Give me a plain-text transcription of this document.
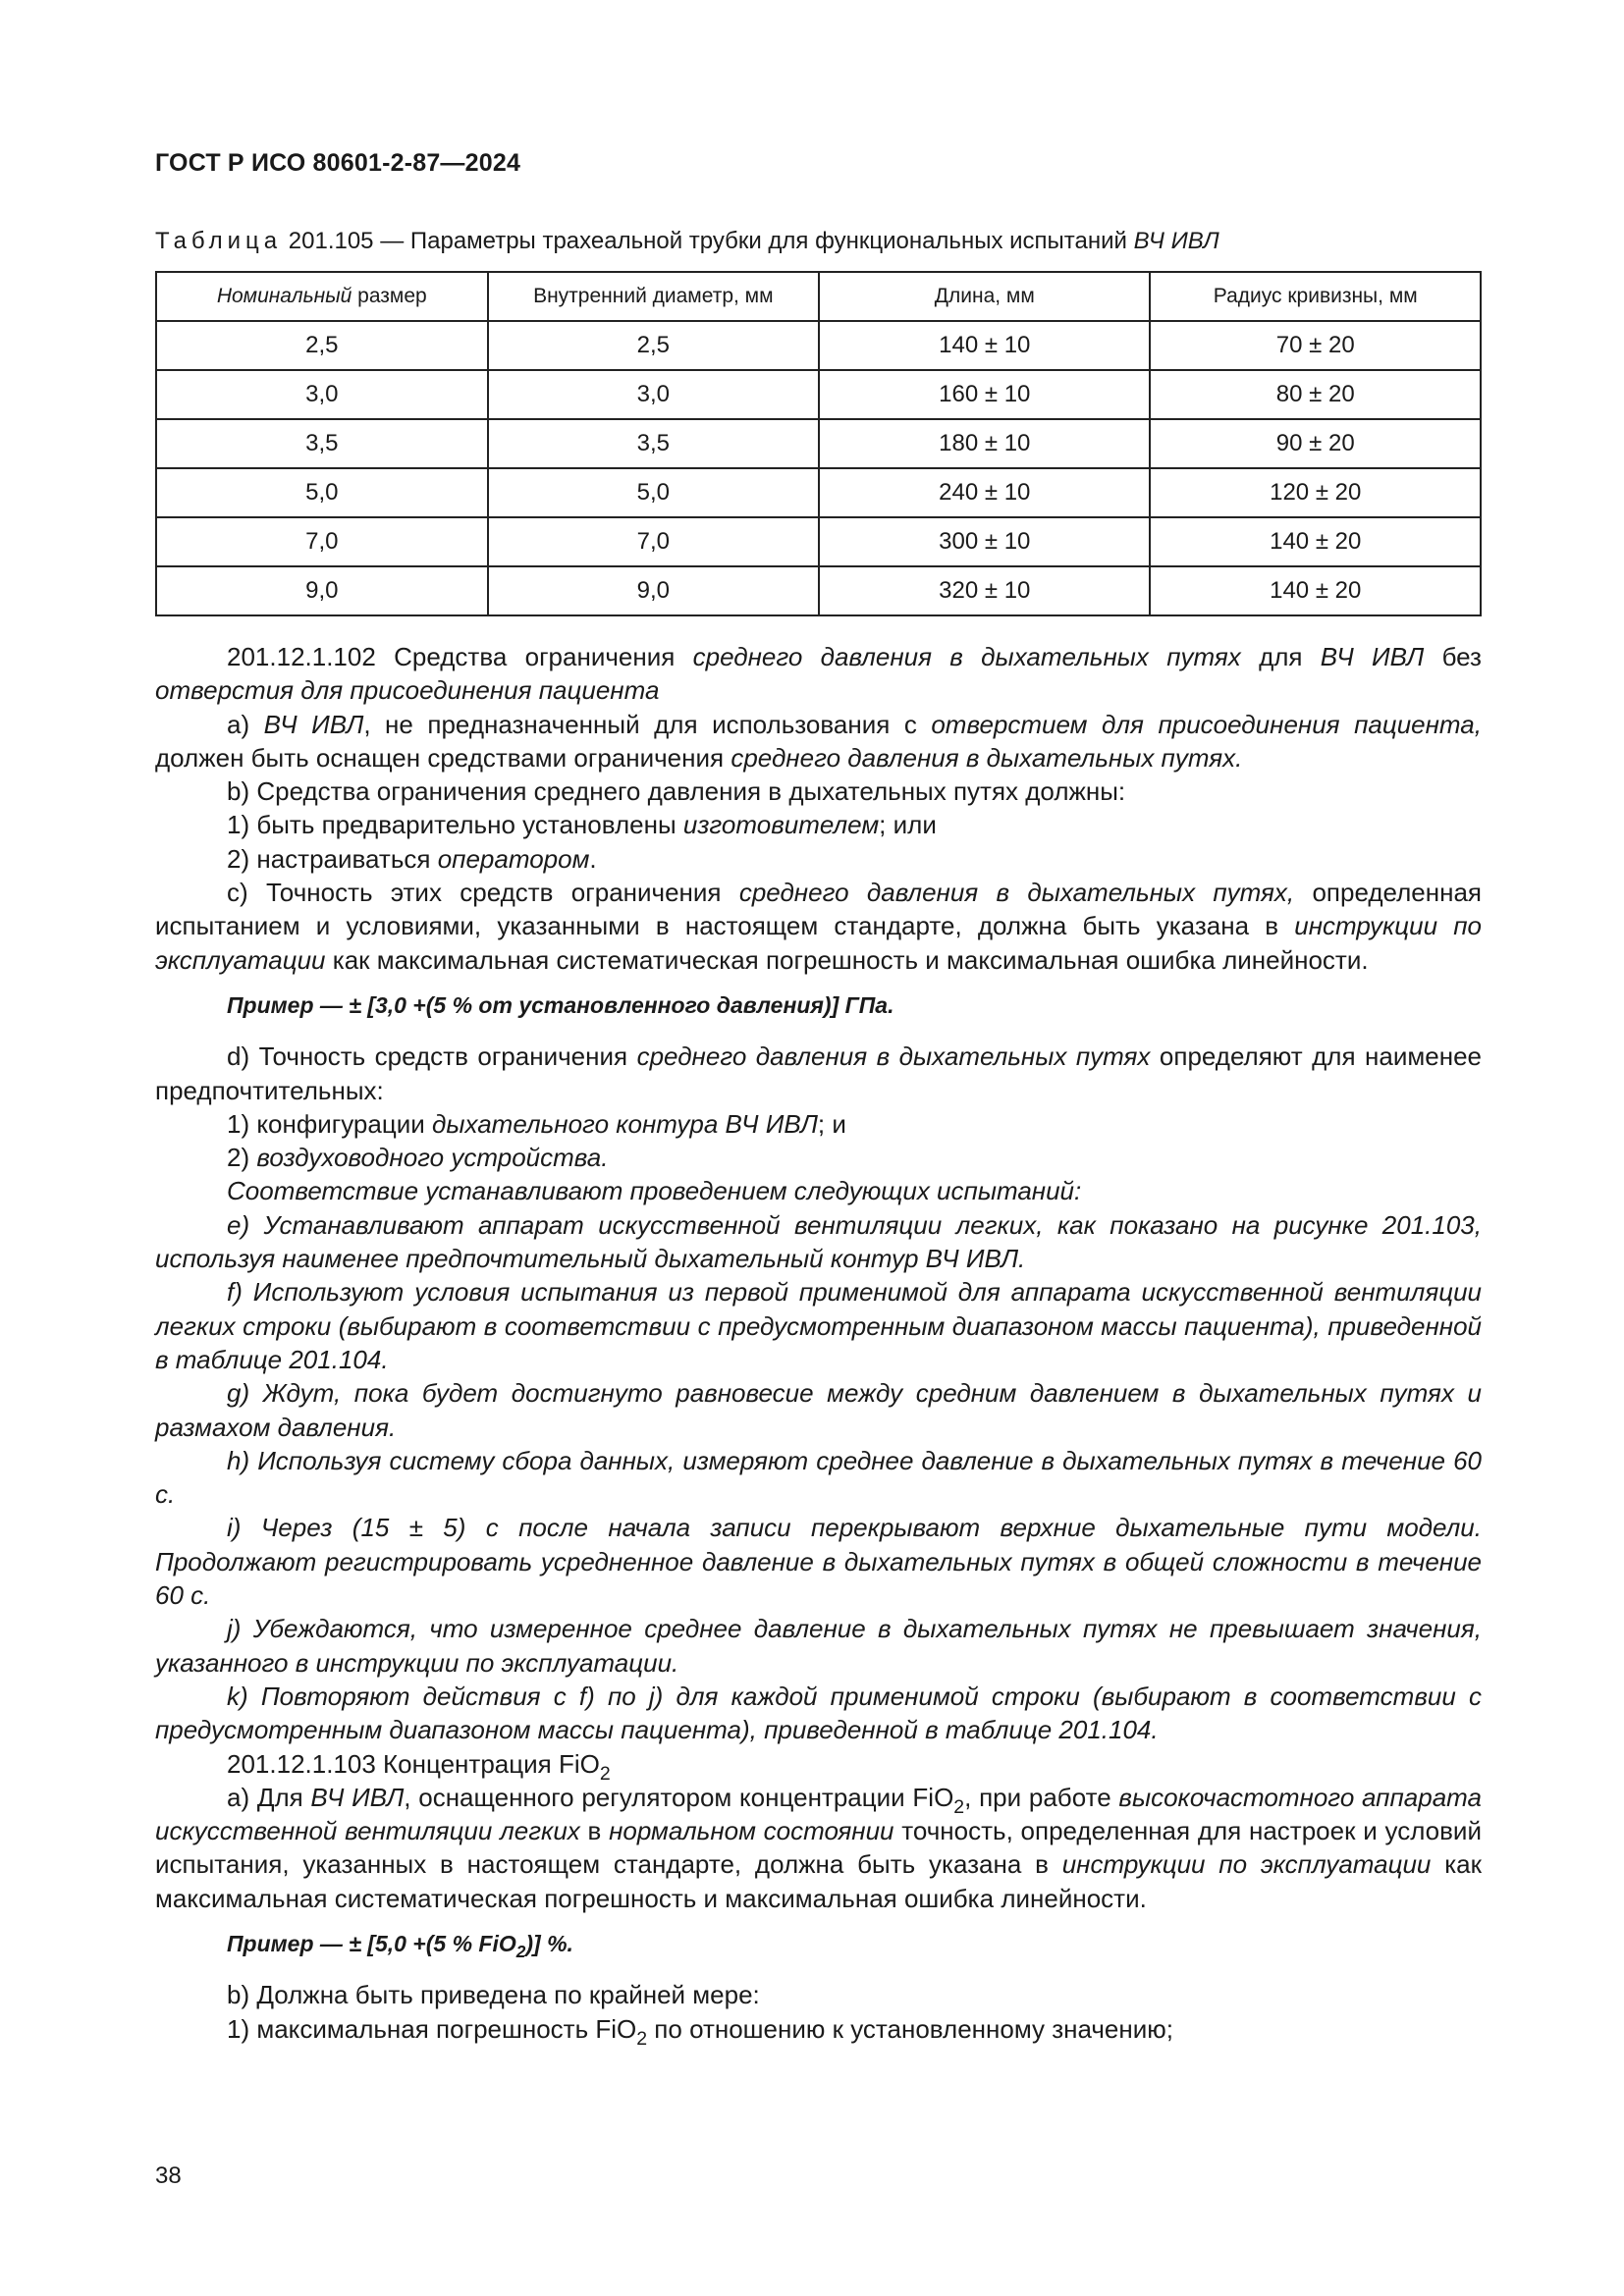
ГОСТ Р ИСО 80601-2-87—2024
Таблица 201.105 — Параметры трахеальной трубки для функциональных испытаний ВЧ ИВЛ
Номинальный размер	Внутренний диаметр, мм	Длина, мм	Радиус кривизны, мм
2,5	2,5	140 ± 10	70 ± 20
3,0	3,0	160 ± 10	80 ± 20
3,5	3,5	180 ± 10	90 ± 20
5,0	5,0	240 ± 10	120 ± 20
7,0	7,0	300 ± 10	140 ± 20
9,0	9,0	320 ± 10	140 ± 20

201.12.1.102 Средства ограничения среднего давления в дыхательных путях для ВЧ ИВЛ без отверстия для присоединения пациента

a) ВЧ ИВЛ, не предназначенный для использования с отверстием для присоединения пациента, должен быть оснащен средствами ограничения среднего давления в дыхательных путях.

b) Средства ограничения среднего давления в дыхательных путях должны:

1) быть предварительно установлены изготовителем; или

2) настраиваться оператором.

c) Точность этих средств ограничения среднего давления в дыхательных путях, определенная испытанием и условиями, указанными в настоящем стандарте, должна быть указана в инструкции по эксплуатации как максимальная систематическая погрешность и максимальная ошибка линейности.

Пример — ± [3,0 +(5 % от установленного давления)] ГПа.

d) Точность средств ограничения среднего давления в дыхательных путях определяют для наименее предпочтительных:

1) конфигурации дыхательного контура ВЧ ИВЛ; и

2) воздуховодного устройства.

Соответствие устанавливают проведением следующих испытаний:

e) Устанавливают аппарат искусственной вентиляции легких, как показано на рисунке 201.103, используя наименее предпочтительный дыхательный контур ВЧ ИВЛ.

f) Используют условия испытания из первой применимой для аппарата искусственной вентиляции легких строки (выбирают в соответствии с предусмотренным диапазоном массы пациента), приведенной в таблице 201.104.

g) Ждут, пока будет достигнуто равновесие между средним давлением в дыхательных путях и размахом давления.

h) Используя систему сбора данных, измеряют среднее давление в дыхательных путях в течение 60 с.

i) Через (15 ± 5) с после начала записи перекрывают верхние дыхательные пути модели. Продолжают регистрировать усредненное давление в дыхательных путях в общей сложности в течение 60 с.

j) Убеждаются, что измеренное среднее давление в дыхательных путях не превышает значения, указанного в инструкции по эксплуатации.

k) Повторяют действия с f) по j) для каждой применимой строки (выбирают в соответствии с предусмотренным диапазоном массы пациента), приведенной в таблице 201.104.

201.12.1.103 Концентрация FiO$_2$

a) Для ВЧ ИВЛ, оснащенного регулятором концентрации FiO$_2$, при работе высокочастотного аппарата искусственной вентиляции легких в нормальном состоянии точность, определенная для настроек и условий испытания, указанных в настоящем стандарте, должна быть указана в инструкции по эксплуатации как максимальная систематическая погрешность и максимальная ошибка линейности.

Пример — ± [5,0 +(5 % FiO$_2$)] %.

b) Должна быть приведена по крайней мере:

1) максимальная погрешность FiO$_2$ по отношению к установленному значению;

38
